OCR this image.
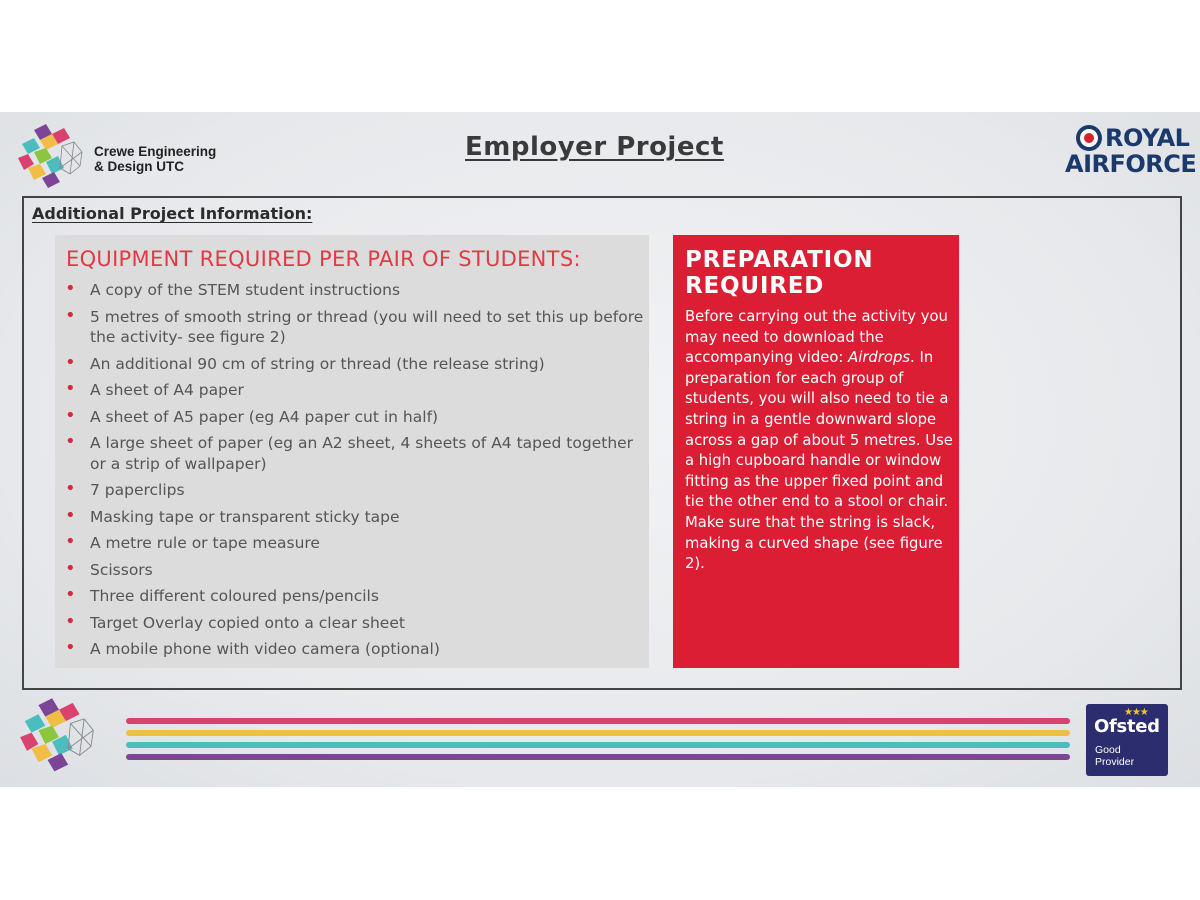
Crewe Engineering
& Design UTC
Employer Project	ROYAL
AIRFORCE
Additional Project Information:
EQUIPMENT REQUIRED PER PAIR OF STUDENTS:
• A copy of the STEM student instructions
• 5 metres of smooth string or thread (you will need to set this up before the activity- see figure 2)
• An additional 90 cm of string or thread (the release string)
• A sheet of A4 paper
• A sheet of A5 paper (eg A4 paper cut in half)
• A large sheet of paper (eg an A2 sheet, 4 sheets of A4 taped together or a strip of wallpaper)
• 7 paperclips
• Masking tape or transparent sticky tape
• A metre rule or tape measure
• Scissors
• Three different coloured pens/pencils
• Target Overlay copied onto a clear sheet
• A mobile phone with video camera (optional)
PREPARATION
REQUIRED
Before carrying out the activity you may need to download the accompanying video: Airdrops. In preparation for each group of students, you will also need to tie a string in a gentle downward slope across a gap of about 5 metres. Use a high cupboard handle or window fitting as the upper fixed point and tie the other end to a stool or chair. Make sure that the string is slack, making a curved shape (see figure 2).
★★★
Ofsted
Good
Provider
